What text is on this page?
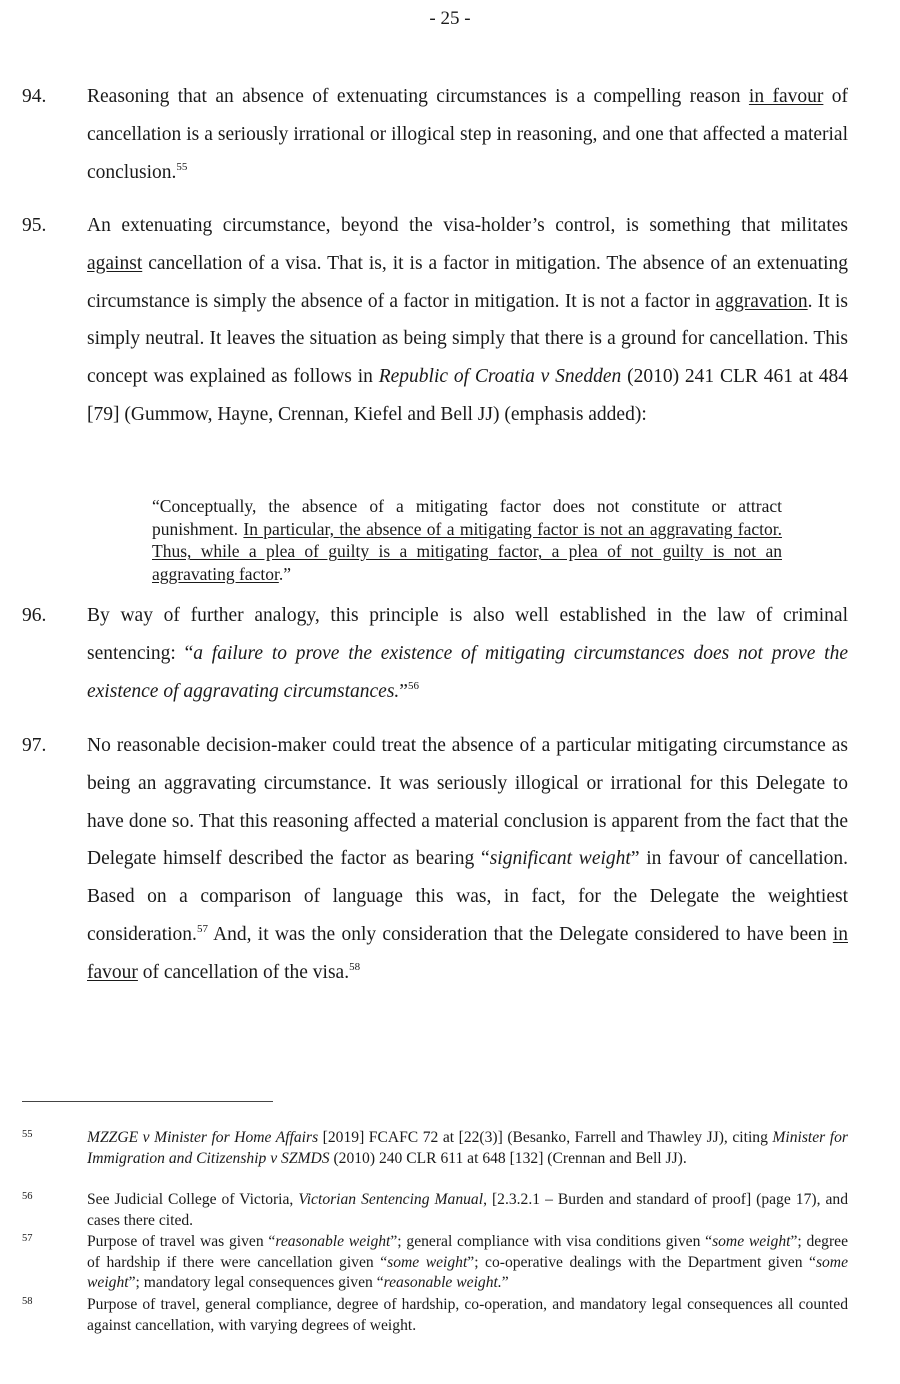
- 25 -
94. Reasoning that an absence of extenuating circumstances is a compelling reason in favour of cancellation is a seriously irrational or illogical step in reasoning, and one that affected a material conclusion.$^{55}$
95. An extenuating circumstance, beyond the visa-holder’s control, is something that militates against cancellation of a visa. That is, it is a factor in mitigation. The absence of an extenuating circumstance is simply the absence of a factor in mitigation. It is not a factor in aggravation. It is simply neutral. It leaves the situation as being simply that there is a ground for cancellation. This concept was explained as follows in Republic of Croatia v Snedden (2010) 241 CLR 461 at 484 [79] (Gummow, Hayne, Crennan, Kiefel and Bell JJ) (emphasis added):
“Conceptually, the absence of a mitigating factor does not constitute or attract punishment. In particular, the absence of a mitigating factor is not an aggravating factor. Thus, while a plea of guilty is a mitigating factor, a plea of not guilty is not an aggravating factor.”
96. By way of further analogy, this principle is also well established in the law of criminal sentencing: “a failure to prove the existence of mitigating circumstances does not prove the existence of aggravating circumstances.”$^{56}$
97. No reasonable decision-maker could treat the absence of a particular mitigating circumstance as being an aggravating circumstance. It was seriously illogical or irrational for this Delegate to have done so. That this reasoning affected a material conclusion is apparent from the fact that the Delegate himself described the factor as bearing “significant weight” in favour of cancellation. Based on a comparison of language this was, in fact, for the Delegate the weightiest consideration.$^{57}$ And, it was the only consideration that the Delegate considered to have been in favour of cancellation of the visa.$^{58}$
55	MZZGE v Minister for Home Affairs [2019] FCAFC 72 at [22(3)] (Besanko, Farrell and Thawley JJ), citing Minister for Immigration and Citizenship v SZMDS (2010) 240 CLR 611 at 648 [132] (Crennan and Bell JJ).
56	See Judicial College of Victoria, Victorian Sentencing Manual, [2.3.2.1 – Burden and standard of proof] (page 17), and cases there cited.
57	Purpose of travel was given “reasonable weight”; general compliance with visa conditions given “some weight”; degree of hardship if there were cancellation given “some weight”; co-operative dealings with the Department given “some weight”; mandatory legal consequences given “reasonable weight.”
58	Purpose of travel, general compliance, degree of hardship, co-operation, and mandatory legal consequences all counted against cancellation, with varying degrees of weight.
